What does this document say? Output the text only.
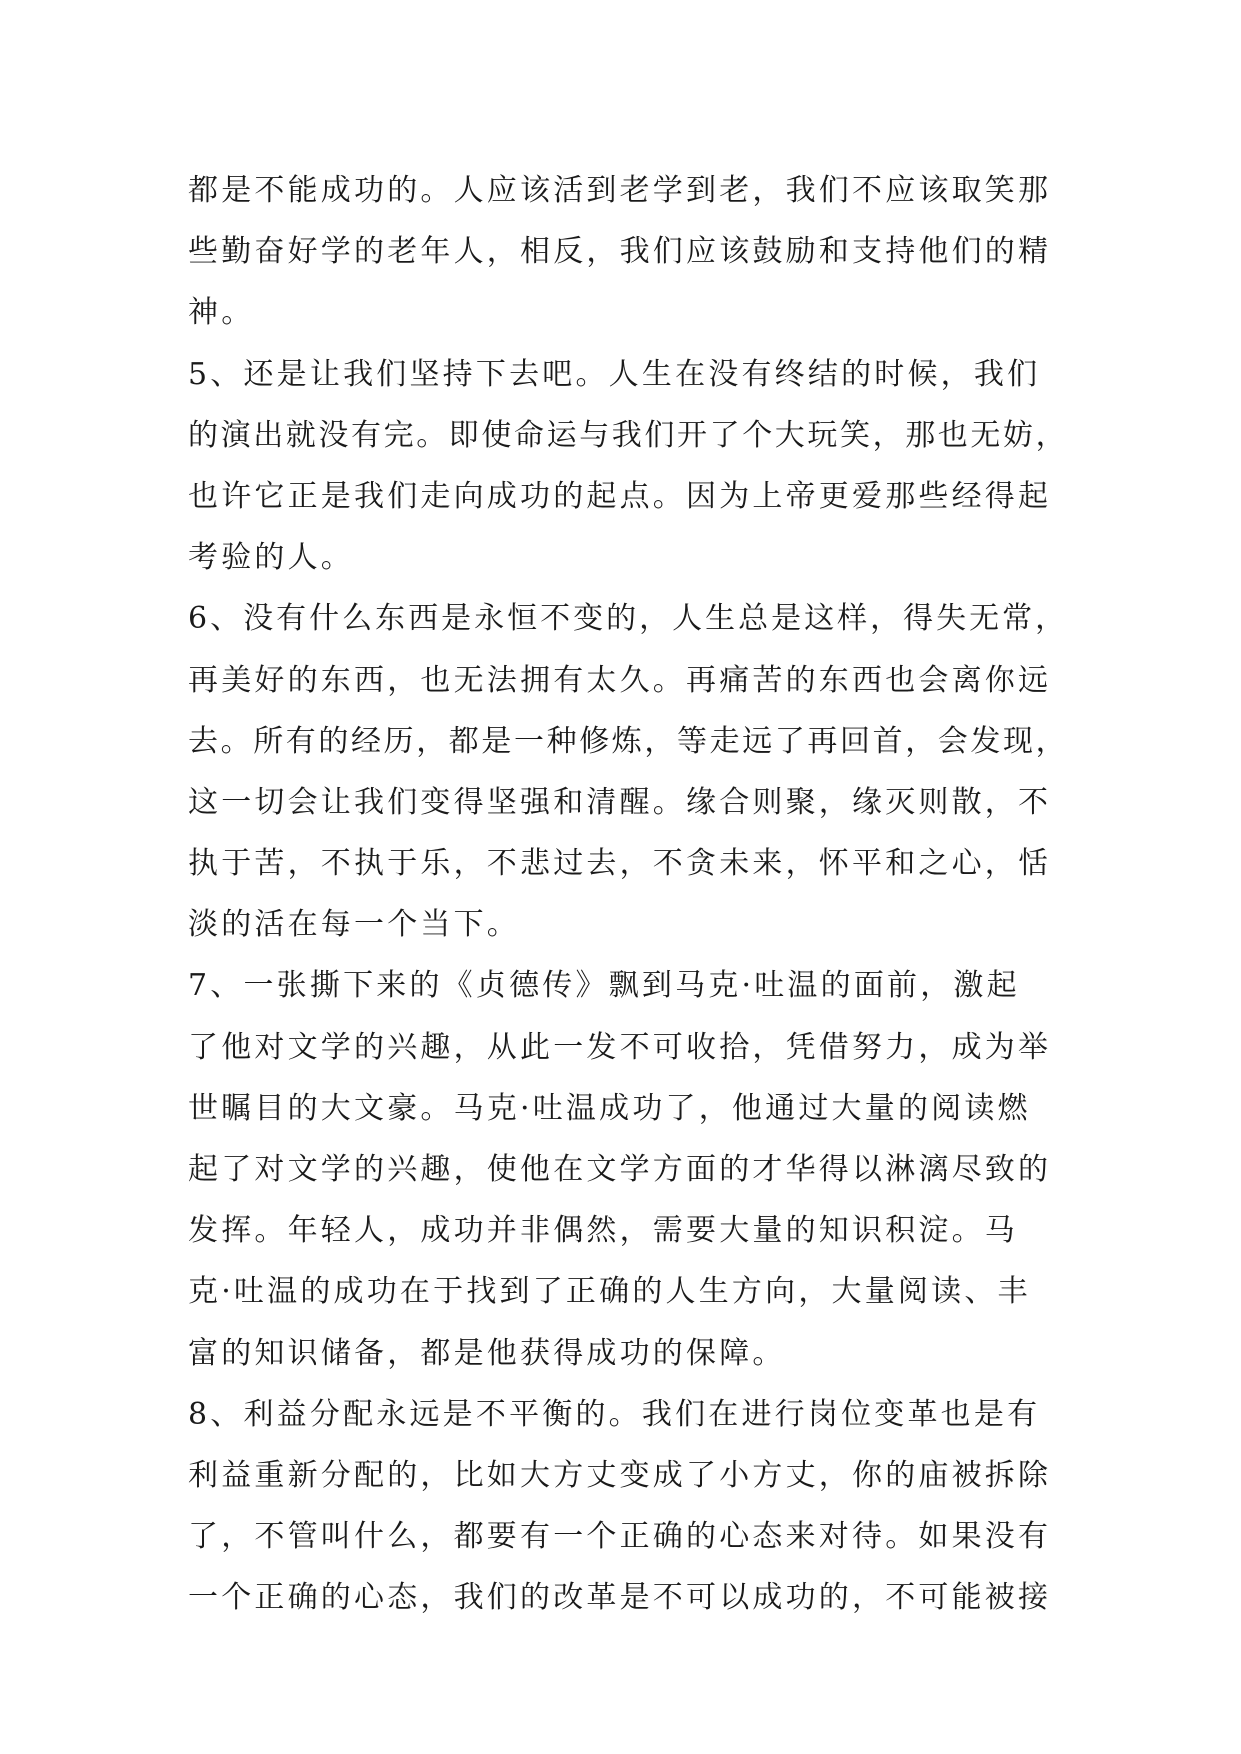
都是不能成功的。人应该活到老学到老，我们不应该取笑那
些勤奋好学的老年人，相反，我们应该鼓励和支持他们的精
神。
5、还是让我们坚持下去吧。人生在没有终结的时候，我们
的演出就没有完。即使命运与我们开了个大玩笑，那也无妨，
也许它正是我们走向成功的起点。因为上帝更爱那些经得起
考验的人。
6、没有什么东西是永恒不变的，人生总是这样，得失无常，
再美好的东西，也无法拥有太久。再痛苦的东西也会离你远
去。所有的经历，都是一种修炼，等走远了再回首，会发现，
这一切会让我们变得坚强和清醒。缘合则聚，缘灭则散，不
执于苦，不执于乐，不悲过去，不贪未来，怀平和之心，恬
淡的活在每一个当下。
7、一张撕下来的《贞德传》飘到马克·吐温的面前，激起
了他对文学的兴趣，从此一发不可收拾，凭借努力，成为举
世瞩目的大文豪。马克·吐温成功了，他通过大量的阅读燃
起了对文学的兴趣，使他在文学方面的才华得以淋漓尽致的
发挥。年轻人，成功并非偶然，需要大量的知识积淀。马
克·吐温的成功在于找到了正确的人生方向，大量阅读、丰
富的知识储备，都是他获得成功的保障。
8、利益分配永远是不平衡的。我们在进行岗位变革也是有
利益重新分配的，比如大方丈变成了小方丈，你的庙被拆除
了，不管叫什么，都要有一个正确的心态来对待。如果没有
一个正确的心态，我们的改革是不可以成功的，不可能被接
